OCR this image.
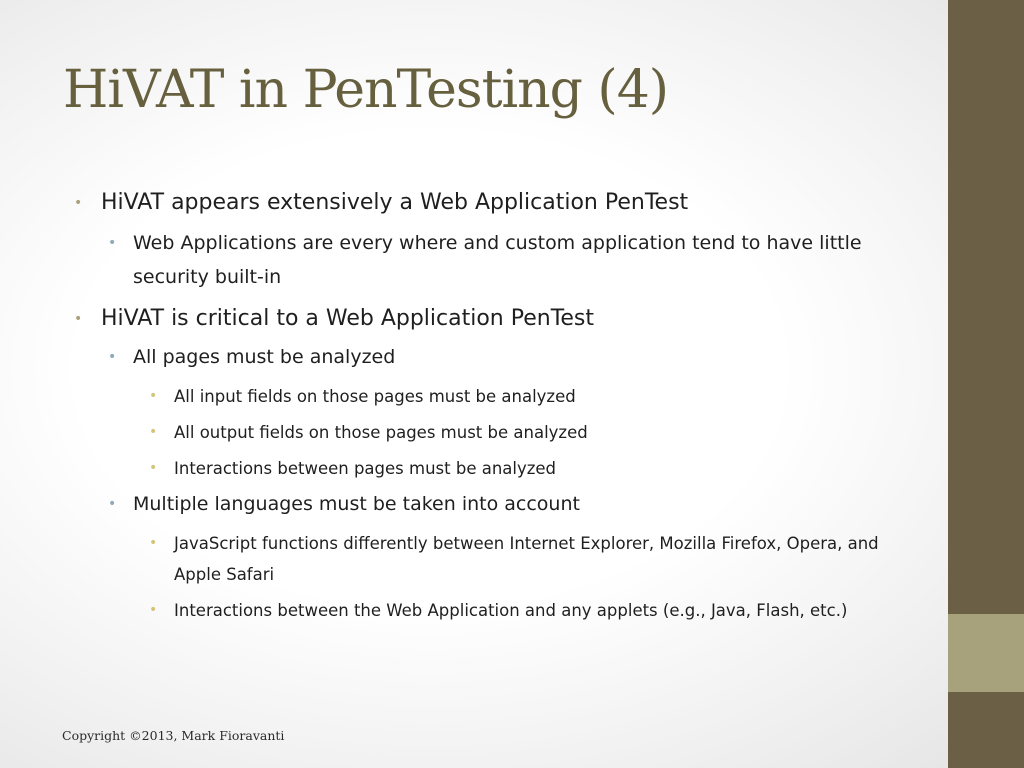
HiVAT in PenTesting (4)
• HiVAT appears extensively a Web Application PenTest
• Web Applications are every where and custom application tend to have little security built-in
• HiVAT is critical to a Web Application PenTest
• All pages must be analyzed
• All input fields on those pages must be analyzed
• All output fields on those pages must be analyzed
• Interactions between pages must be analyzed
• Multiple languages must be taken into account
• JavaScript functions differently between Internet Explorer, Mozilla Firefox, Opera, and Apple Safari
• Interactions between the Web Application and any applets (e.g., Java, Flash, etc.)
Copyright ©2013, Mark Fioravanti
